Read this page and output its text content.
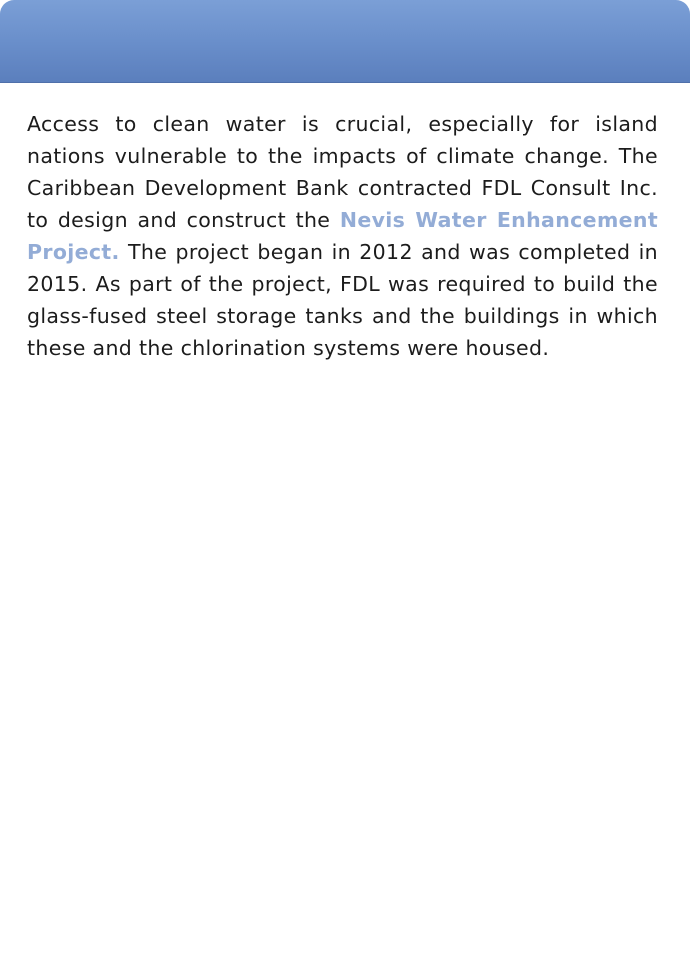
Access to clean water is crucial, especially for island nations vulnerable to the impacts of climate change. The Caribbean Development Bank contracted FDL Consult Inc. to design and construct the Nevis Water Enhancement Project. The project began in 2012 and was completed in 2015. As part of the project, FDL was required to build the glass-fused steel storage tanks and the buildings in which these and the chlorination systems were housed.
